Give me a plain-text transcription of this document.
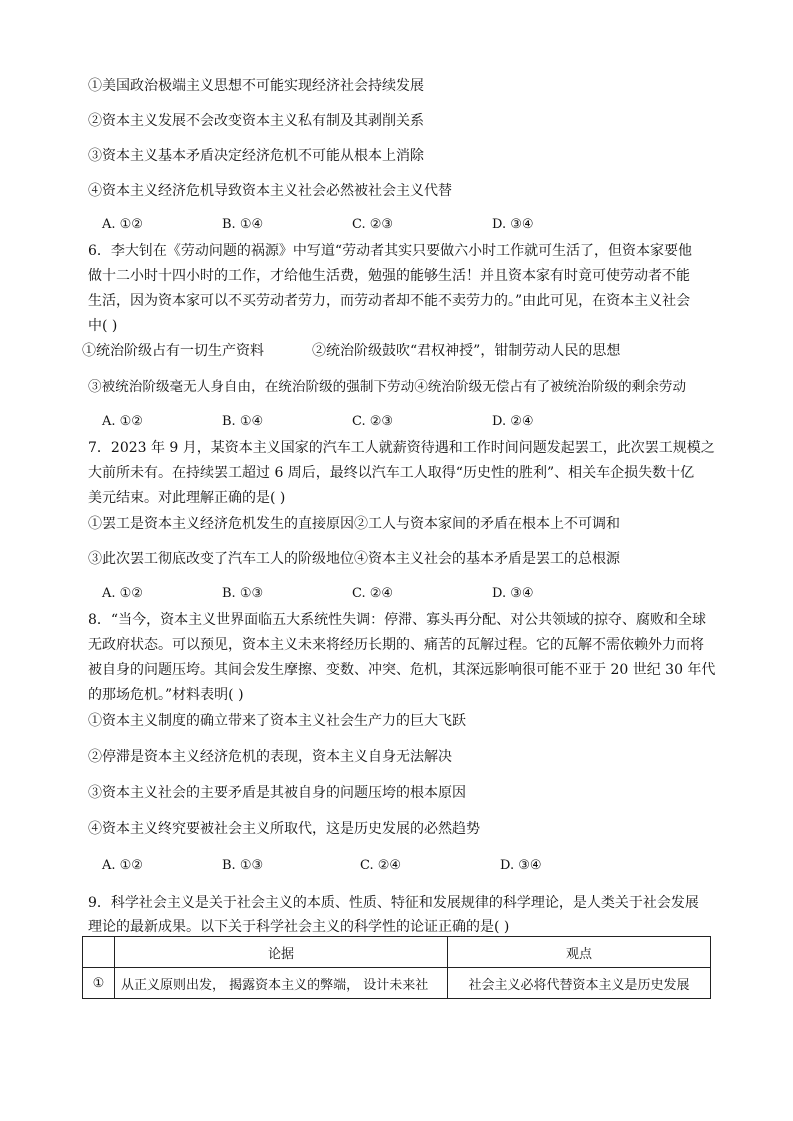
①美国政治极端主义思想不可能实现经济社会持续发展
②资本主义发展不会改变资本主义私有制及其剥削关系
③资本主义基本矛盾决定经济危机不可能从根本上消除
④资本主义经济危机导致资本主义社会必然被社会主义代替
A. ①②	B. ①④	C. ②③	D. ③④
6．李大钊在《劳动问题的祸源》中写道“劳动者其实只要做六小时工作就可生活了，但资本家要他
做十二小时十四小时的工作，才给他生活费，勉强的能够生活！并且资本家有时竟可使劳动者不能
生活，因为资本家可以不买劳动者劳力，而劳动者却不能不卖劳力的。”由此可见，在资本主义社会
中( )
①统治阶级占有一切生产资料	②统治阶级鼓吹“君权神授”，钳制劳动人民的思想
③被统治阶级毫无人身自由，在统治阶级的强制下劳动④统治阶级无偿占有了被统治阶级的剩余劳动
A. ①②	B. ①④	C. ②③	D. ②④
7．2023 年 9 月，某资本主义国家的汽车工人就薪资待遇和工作时间问题发起罢工，此次罢工规模之
大前所未有。在持续罢工超过 6 周后，最终以汽车工人取得“历史性的胜利”、相关车企损失数十亿
美元结束。对此理解正确的是( )
①罢工是资本主义经济危机发生的直接原因②工人与资本家间的矛盾在根本上不可调和
③此次罢工彻底改变了汽车工人的阶级地位④资本主义社会的基本矛盾是罢工的总根源
A. ①②	B. ①③	C. ②④	D. ③④
8．“当今，资本主义世界面临五大系统性失调：停滞、寡头再分配、对公共领域的掠夺、腐败和全球
无政府状态。可以预见，资本主义未来将经历长期的、痛苦的瓦解过程。它的瓦解不需依赖外力而将
被自身的问题压垮。其间会发生摩擦、变数、冲突、危机，其深远影响很可能不亚于 20 世纪 30 年代
的那场危机。”材料表明( )
①资本主义制度的确立带来了资本主义社会生产力的巨大飞跃
②停滞是资本主义经济危机的表现，资本主义自身无法解决
③资本主义社会的主要矛盾是其被自身的问题压垮的根本原因
④资本主义终究要被社会主义所取代，这是历史发展的必然趋势
A. ①②	B. ①③	C. ②④	D. ③④
9．科学社会主义是关于社会主义的本质、性质、特征和发展规律的科学理论，是人类关于社会发展
理论的最新成果。以下关于科学社会主义的科学性的论证正确的是( )
	论据	观点
①	从正义原则出发， 揭露资本主义的弊端， 设计未来社	社会主义必将代替资本主义是历史发展
